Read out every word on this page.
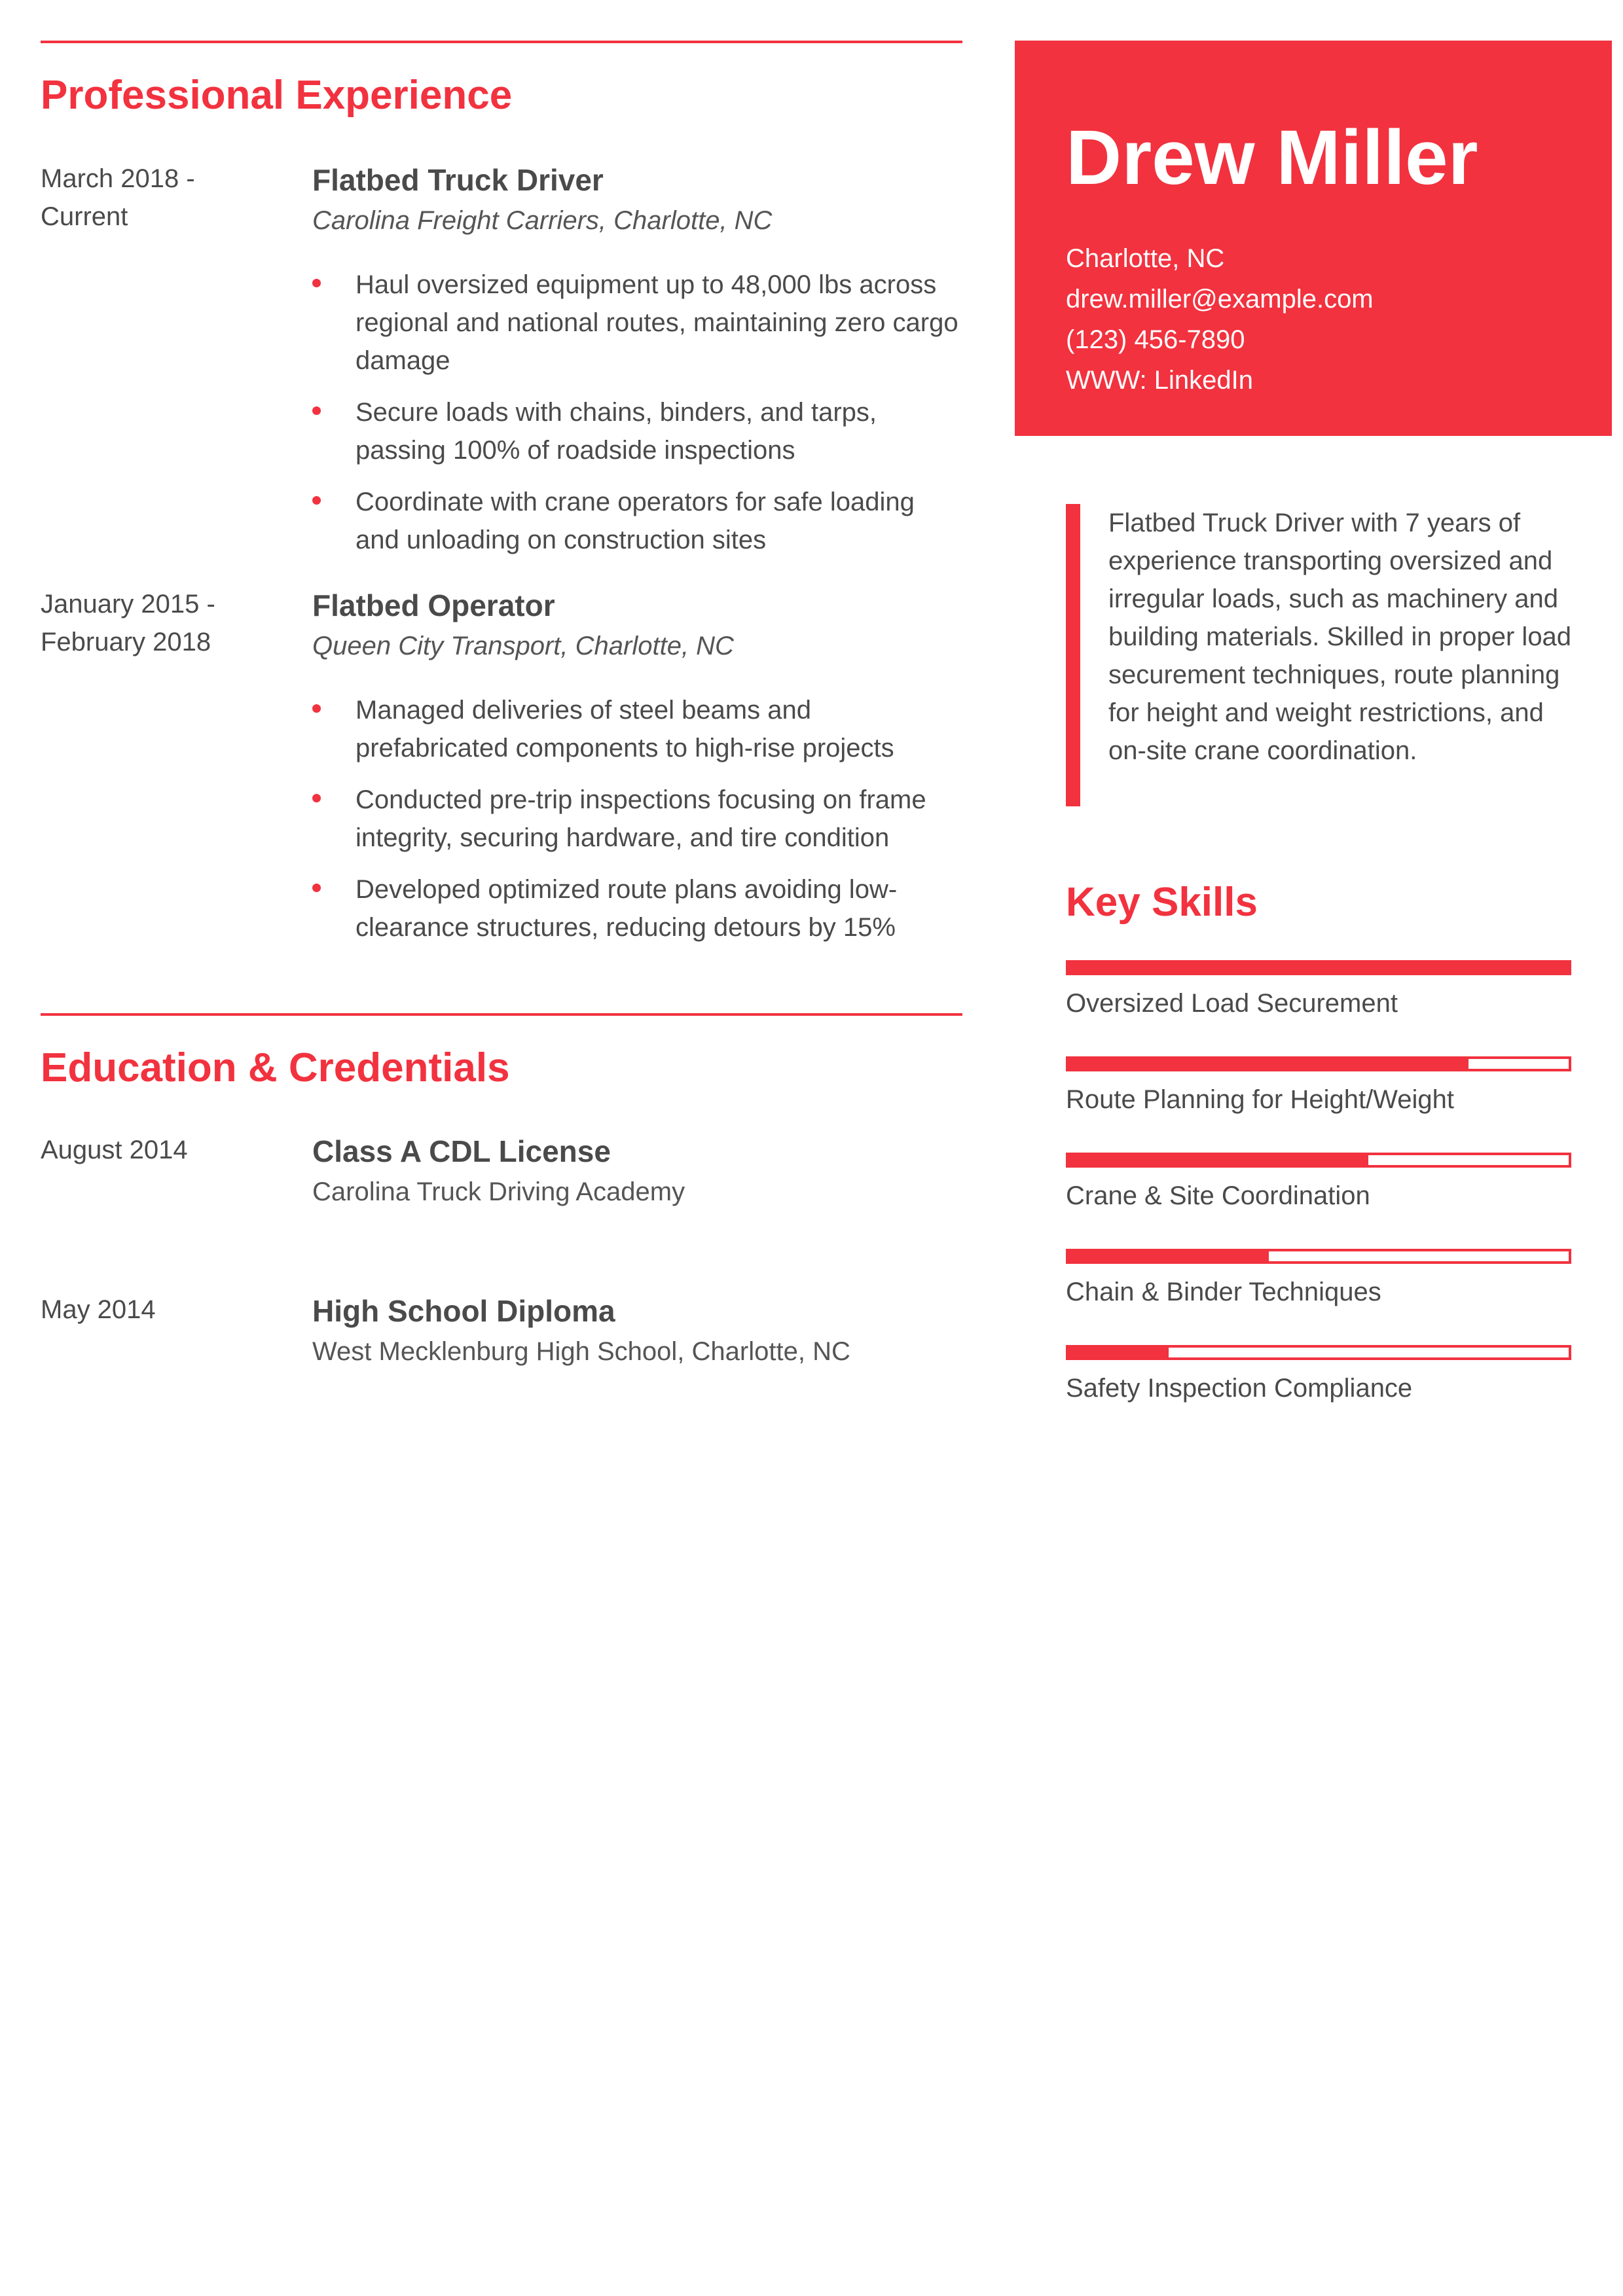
Professional Experience
March 2018 -
Current
Flatbed Truck Driver
Carolina Freight Carriers, Charlotte, NC
Haul oversized equipment up to 48,000 lbs across regional and national routes, maintaining zero cargo damage
Secure loads with chains, binders, and tarps, passing 100% of roadside inspections
Coordinate with crane operators for safe loading and unloading on construction sites
January 2015 -
February 2018
Flatbed Operator
Queen City Transport, Charlotte, NC
Managed deliveries of steel beams and prefabricated components to high-rise projects
Conducted pre-trip inspections focusing on frame integrity, securing hardware, and tire condition
Developed optimized route plans avoiding low-clearance structures, reducing detours by 15%
Education & Credentials
August 2014	Class A CDL License
Carolina Truck Driving Academy
May 2014	High School Diploma
West Mecklenburg High School, Charlotte, NC
Drew Miller
Charlotte, NC
drew.miller@example.com
(123) 456-7890
WWW: LinkedIn
Flatbed Truck Driver with 7 years of experience transporting oversized and irregular loads, such as machinery and building materials. Skilled in proper load securement techniques, route planning for height and weight restrictions, and on-site crane coordination.
Key Skills
Oversized Load Securement
Route Planning for Height/Weight
Crane & Site Coordination
Chain & Binder Techniques
Safety Inspection Compliance
